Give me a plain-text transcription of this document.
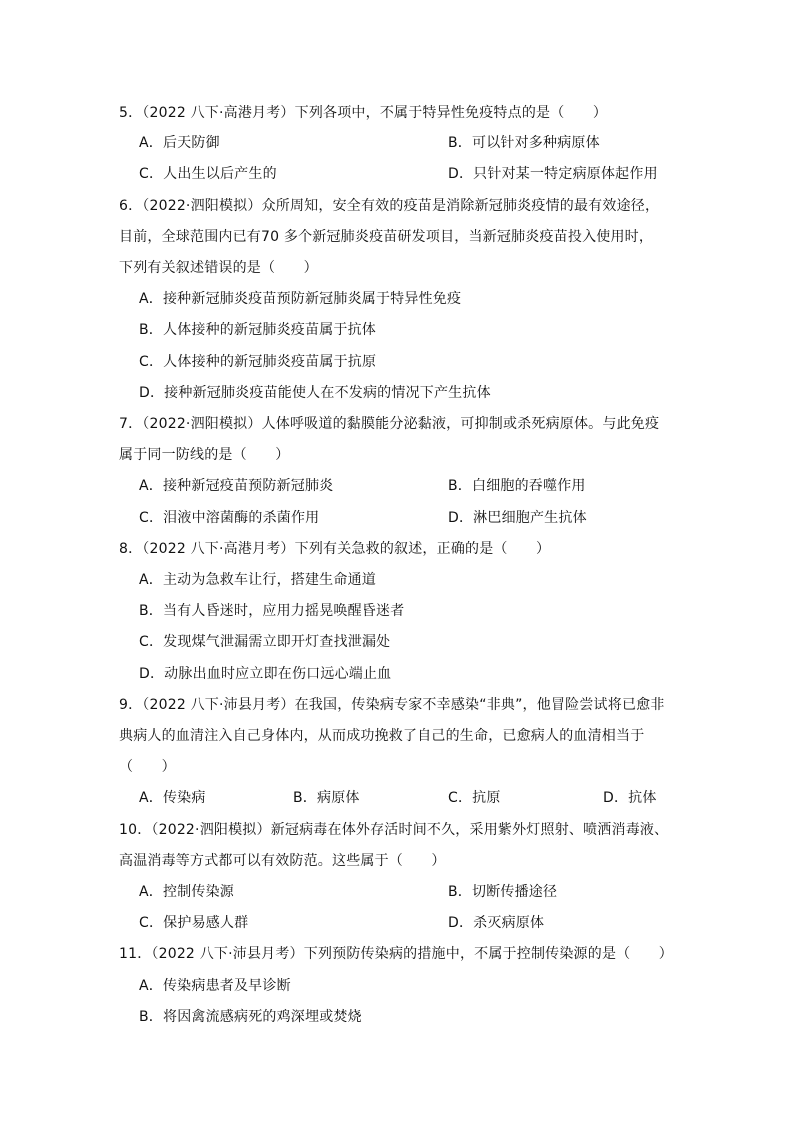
5．（2022 八下·高港月考）下列各项中，不属于特异性免疫特点的是（　　）
A．后天防御	B．可以针对多种病原体
C．人出生以后产生的	D．只针对某一特定病原体起作用
6．（2022·泗阳模拟）众所周知，安全有效的疫苗是消除新冠肺炎疫情的最有效途径，
目前，全球范围内已有70 多个新冠肺炎疫苗研发项目，当新冠肺炎疫苗投入使用时，
下列有关叙述错误的是（　　）
A．接种新冠肺炎疫苗预防新冠肺炎属于特异性免疫
B．人体接种的新冠肺炎疫苗属于抗体
C．人体接种的新冠肺炎疫苗属于抗原
D．接种新冠肺炎疫苗能使人在不发病的情况下产生抗体
7．（2022·泗阳模拟）人体呼吸道的黏膜能分泌黏液，可抑制或杀死病原体。与此免疫
属于同一防线的是（　　）
A．接种新冠疫苗预防新冠肺炎	B．白细胞的吞噬作用
C．泪液中溶菌酶的杀菌作用	D．淋巴细胞产生抗体
8．（2022 八下·高港月考）下列有关急救的叙述，正确的是（　　）
A．主动为急救车让行，搭建生命通道
B．当有人昏迷时，应用力摇晃唤醒昏迷者
C．发现煤气泄漏需立即开灯查找泄漏处
D．动脉出血时应立即在伤口远心端止血
9．（2022 八下·沛县月考）在我国，传染病专家不幸感染“非典”，他冒险尝试将已愈非
典病人的血清注入自己身体内，从而成功挽救了自己的生命，已愈病人的血清相当于
（　　）
A．传染病	B．病原体	C．抗原	D．抗体
10．（2022·泗阳模拟）新冠病毒在体外存活时间不久，采用紫外灯照射、喷洒消毒液、
高温消毒等方式都可以有效防范。这些属于（　　）
A．控制传染源	B．切断传播途径
C．保护易感人群	D．杀灭病原体
11．（2022 八下·沛县月考）下列预防传染病的措施中，不属于控制传染源的是（　　）
A．传染病患者及早诊断
B．将因禽流感病死的鸡深埋或焚烧
